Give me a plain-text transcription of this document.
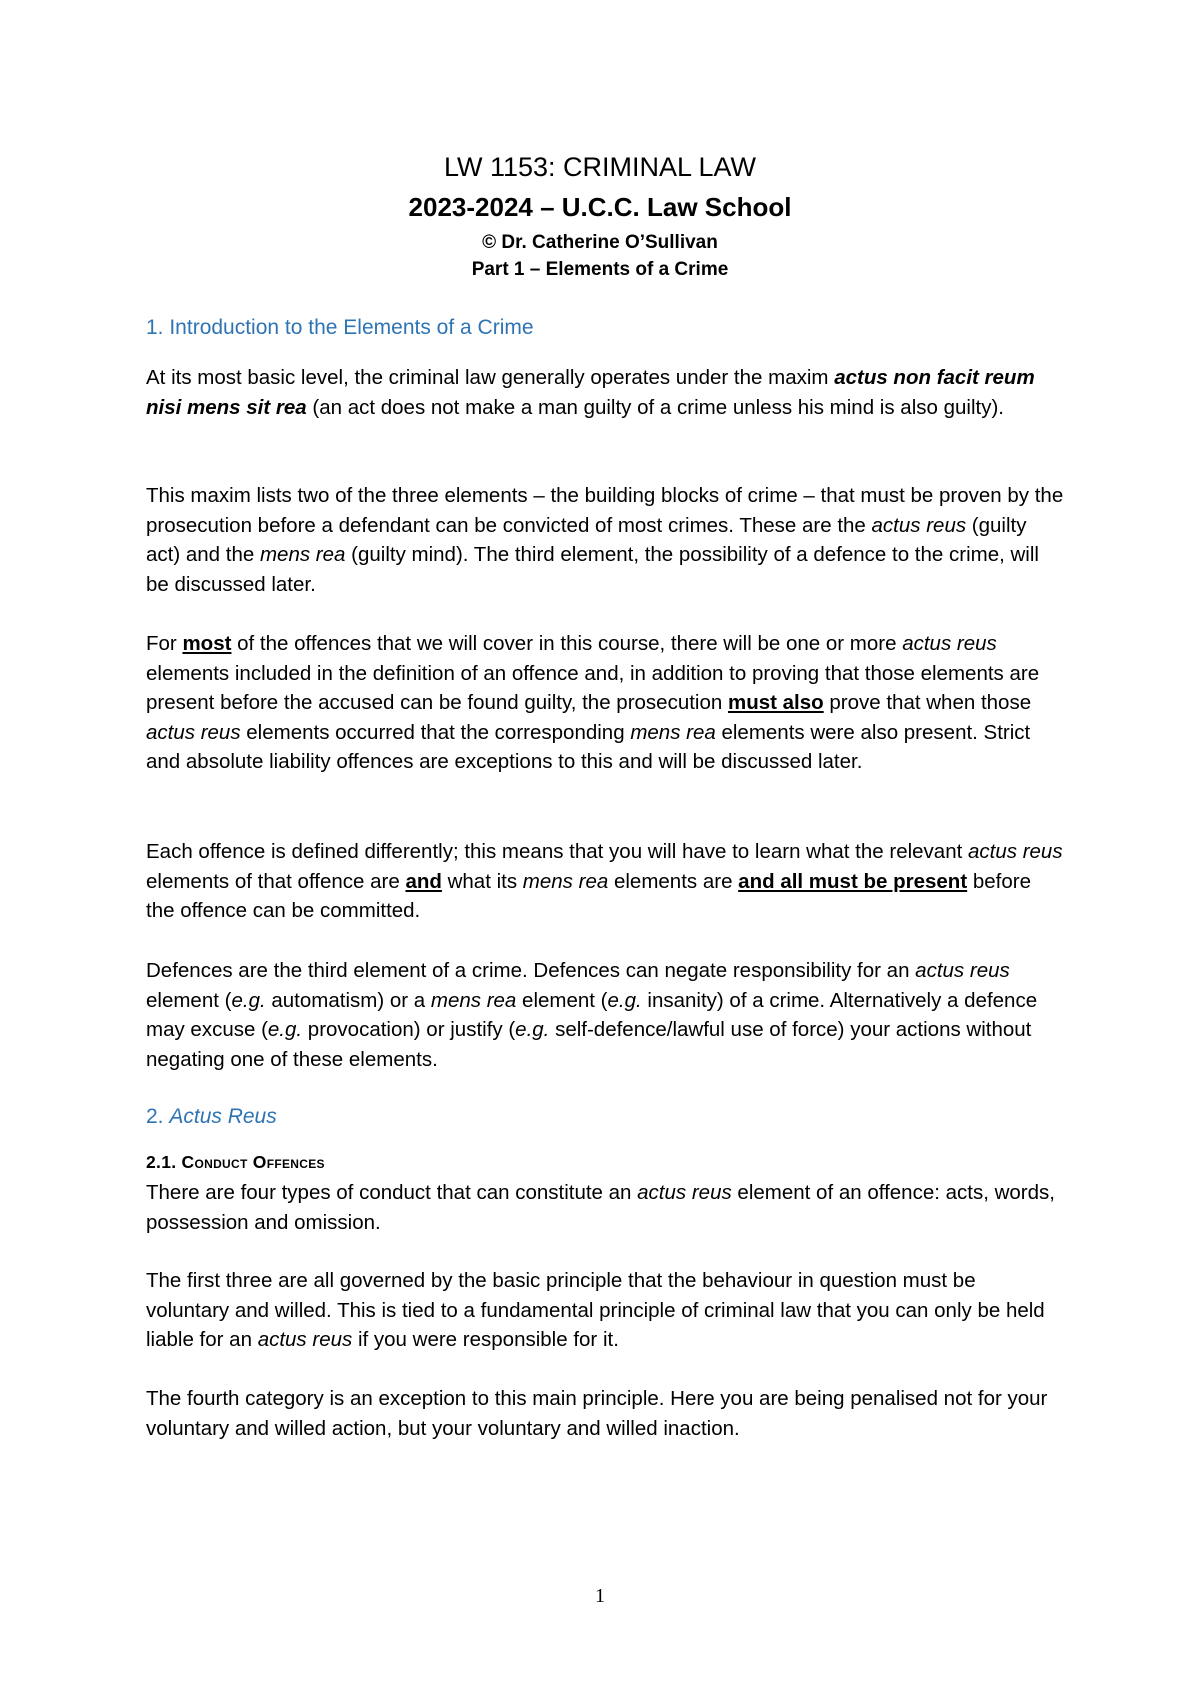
LW 1153: CRIMINAL LAW
2023-2024 – U.C.C. Law School
© Dr. Catherine O’Sullivan
Part 1 – Elements of a Crime
1. Introduction to the Elements of a Crime

At its most basic level, the criminal law generally operates under the maxim actus non facit reum nisi mens sit rea (an act does not make a man guilty of a crime unless his mind is also guilty).

This maxim lists two of the three elements – the building blocks of crime – that must be proven by the prosecution before a defendant can be convicted of most crimes. These are the actus reus (guilty act) and the mens rea (guilty mind). The third element, the possibility of a defence to the crime, will be discussed later.

For most of the offences that we will cover in this course, there will be one or more actus reus elements included in the definition of an offence and, in addition to proving that those elements are present before the accused can be found guilty, the prosecution must also prove that when those actus reus elements occurred that the corresponding mens rea elements were also present. Strict and absolute liability offences are exceptions to this and will be discussed later.

Each offence is defined differently; this means that you will have to learn what the relevant actus reus elements of that offence are and what its mens rea elements are and all must be present before the offence can be committed.

Defences are the third element of a crime. Defences can negate responsibility for an actus reus element (e.g. automatism) or a mens rea element (e.g. insanity) of a crime. Alternatively a defence may excuse (e.g. provocation) or justify (e.g. self-defence/lawful use of force) your actions without negating one of these elements.

2. Actus Reus
2.1. Conduct Offences

There are four types of conduct that can constitute an actus reus element of an offence: acts, words, possession and omission.

The first three are all governed by the basic principle that the behaviour in question must be voluntary and willed. This is tied to a fundamental principle of criminal law that you can only be held liable for an actus reus if you were responsible for it.

The fourth category is an exception to this main principle. Here you are being penalised not for your voluntary and willed action, but your voluntary and willed inaction.
1
